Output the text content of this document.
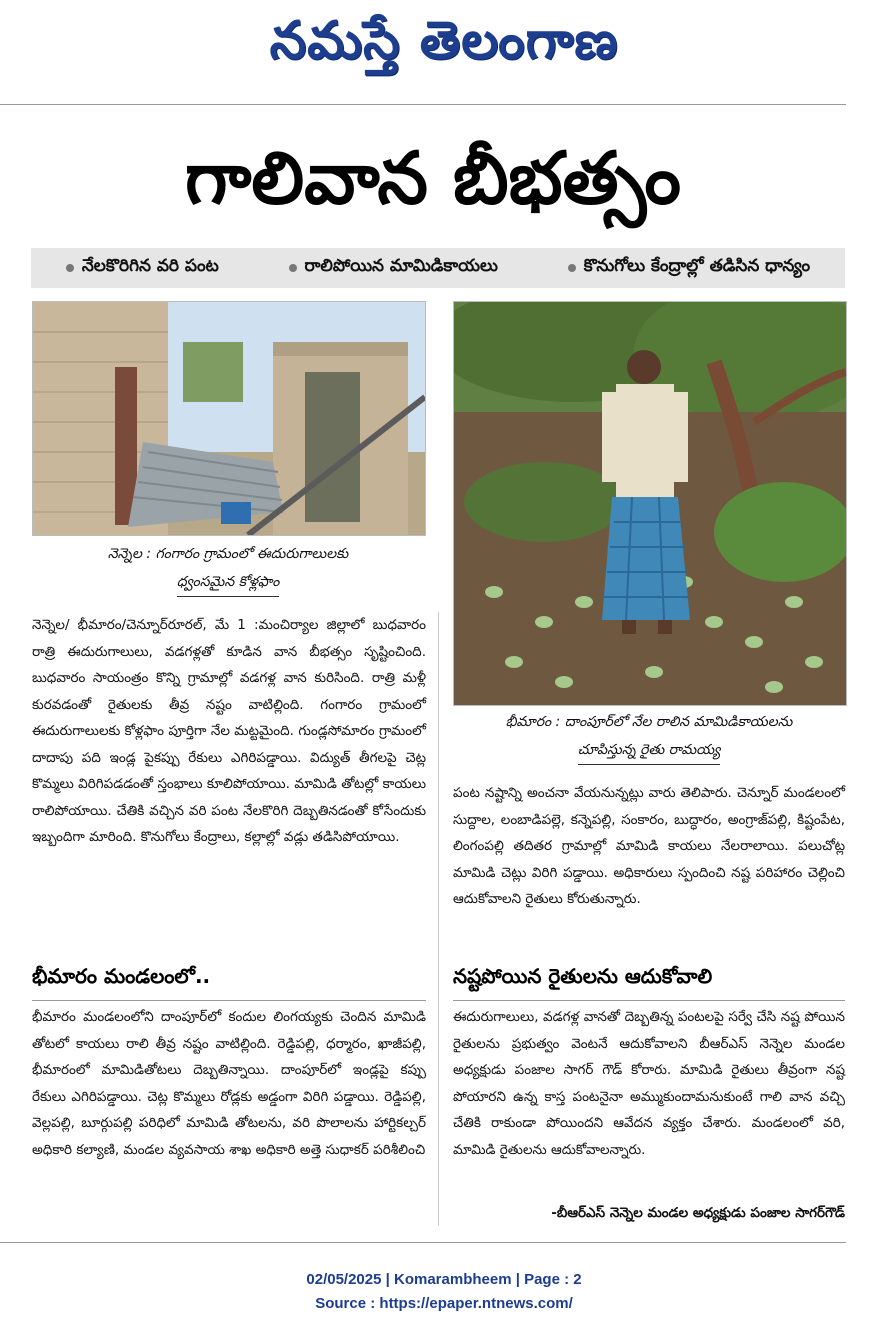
నమస్తే తెలంగాణ
గాలివాన బీభత్సం
నేలకొరిగిన వరి పంట	రాలిపోయిన మామిడికాయలు	కొనుగోలు కేంద్రాల్లో తడిసిన ధాన్యం
నెన్నెల : గంగారం గ్రామంలో ఈదురుగాలులకు
ధ్వంసమైన కోళ్లఫాం
భీమారం : దాంపూర్‌లో నేల రాలిన మామిడికాయలను
చూపిస్తున్న రైతు రామయ్య

నెన్నెల/ భీమారం/చెన్నూర్‌రూరల్, మే 1 :మంచిర్యాల జిల్లాలో బుధవారం రాత్రి ఈదురుగాలులు, వడగళ్లతో కూడిన వాన బీభత్సం సృష్టించింది. బుధవారం సాయంత్రం కొన్ని గ్రామాల్లో వడగళ్ల వాన కురిసింది. రాత్రి మళ్లీ కురవడంతో రైతులకు తీవ్ర నష్టం వాటిల్లింది. గంగారం గ్రామంలో ఈదురుగాలులకు కోళ్లఫాం పూర్తిగా నేల మట్టమైంది. గుండ్లసోమారం గ్రామంలో దాదాపు పది ఇండ్ల పైకప్పు రేకులు ఎగిరిపడ్డాయి. విద్యుత్ తీగలపై చెట్ల కొమ్మలు విరిగిపడడంతో స్తంభాలు కూలిపోయాయి. మామిడి తోటల్లో కాయలు రాలిపోయాయి. చేతికి వచ్చిన వరి పంట నేలకొరిగి దెబ్బతినడంతో కోసేందుకు ఇబ్బందిగా మారింది. కొనుగోలు కేంద్రాలు, కల్లాల్లో వడ్లు తడిసిపోయాయి.

పంట నష్టాన్ని అంచనా వేయనున్నట్లు వారు తెలిపారు. చెన్నూర్ మండలంలో సుద్దాల, లంబాడిపల్లె, కన్నెపల్లి, సంకారం, బుద్ధారం, అంగ్రాజ్‌పల్లి, కిష్టంపేట, లింగంపల్లి తదితర గ్రామాల్లో మామిడి కాయలు నేలరాలాయి. పలుచోట్ల మామిడి చెట్లు విరిగి పడ్డాయి. అధికారులు స్పందించి నష్ట పరిహారం చెల్లించి ఆదుకోవాలని రైతులు కోరుతున్నారు.

భీమారం మండలంలో..	నష్టపోయిన రైతులను ఆదుకోవాలి

భీమారం మండలంలోని దాంపూర్‌లో కందుల లింగయ్యకు చెందిన మామిడి తోటలో కాయలు రాలి తీవ్ర నష్టం వాటిల్లింది. రెడ్డిపల్లి, ధర్మారం, ఖాజీపల్లి, భీమారంలో మామిడితోటలు దెబ్బతిన్నాయి. దాంపూర్‌లో ఇండ్లపై కప్పు రేకులు ఎగిరిపడ్డాయి. చెట్ల కొమ్మలు రోడ్లకు అడ్డంగా విరిగి పడ్డాయి. రెడ్డిపల్లి, వెల్లపల్లి, బూర్గుపల్లి పరిధిలో మామిడి తోటలను, వరి పొలాలను హార్టికల్చర్ అధికారి కల్యాణి, మండల వ్యవసాయ శాఖ అధికారి అత్తె సుధాకర్ పరిశీలించి

ఈదురుగాలులు, వడగళ్ల వానతో దెబ్బతిన్న పంటలపై సర్వే చేసి నష్ట పోయిన రైతులను ప్రభుత్వం వెంటనే ఆదుకోవాలని బీఆర్‌ఎస్ నెన్నెల మండల అధ్యక్షుడు పంజాల సాగర్ గౌడ్ కోరారు. మామిడి రైతులు తీవ్రంగా నష్ట పోయారని ఉన్న కాస్త పంటనైనా అమ్ముకుందామనుకుంటే గాలి వాన వచ్చి చేతికి రాకుండా పోయిందని ఆవేదన వ్యక్తం చేశారు. మండలంలో వరి, మామిడి రైతులను ఆదుకోవాలన్నారు.

-బీఆర్‌ఎస్ నెన్నెల మండల అధ్యక్షుడు పంజాల సాగర్‌గౌడ్
02/05/2025 | Komarambheem | Page : 2
Source : https://epaper.ntnews.com/
